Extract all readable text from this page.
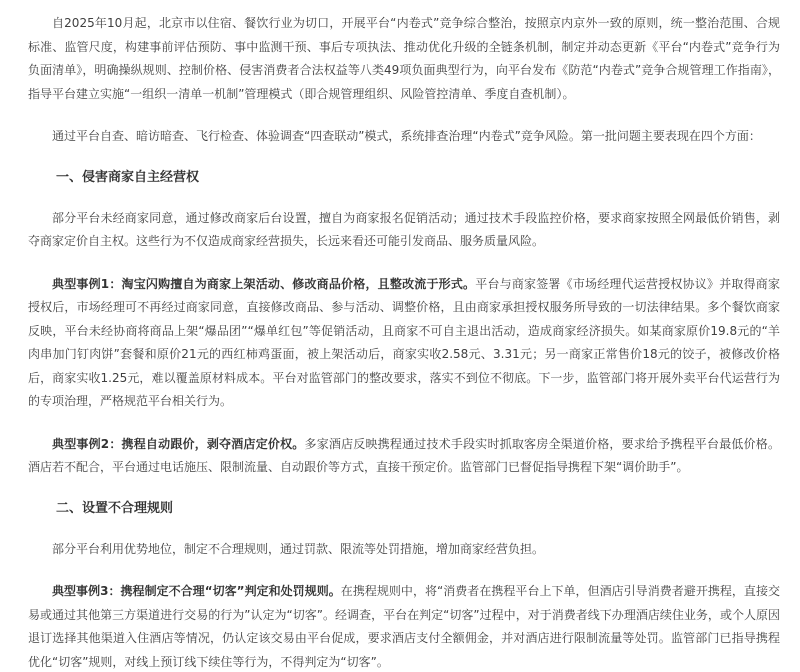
自2025年10月起，北京市以住宿、餐饮行业为切口，开展平台“内卷式”竞争综合整治，按照京内京外一致的原则，统一整治范围、合规标准、监管尺度，构建事前评估预防、事中监测干预、事后专项执法、推动优化升级的全链条机制，制定并动态更新《平台“内卷式”竞争行为负面清单》，明确操纵规则、控制价格、侵害消费者合法权益等八类49项负面典型行为，向平台发布《防范“内卷式”竞争合规管理工作指南》，指导平台建立实施“一组织一清单一机制”管理模式（即合规管理组织、风险管控清单、季度自查机制）。

通过平台自查、暗访暗查、飞行检查、体验调查“四查联动”模式，系统排查治理“内卷式”竞争风险。第一批问题主要表现在四个方面：

一、侵害商家自主经营权

部分平台未经商家同意，通过修改商家后台设置，擅自为商家报名促销活动；通过技术手段监控价格，要求商家按照全网最低价销售，剥夺商家定价自主权。这些行为不仅造成商家经营损失，长远来看还可能引发商品、服务质量风险。

典型事例1：淘宝闪购擅自为商家上架活动、修改商品价格，且整改流于形式。平台与商家签署《市场经理代运营授权协议》并取得商家授权后，市场经理可不再经过商家同意，直接修改商品、参与活动、调整价格，且由商家承担授权服务所导致的一切法律结果。多个餐饮商家反映，平台未经协商将商品上架“爆品团”“爆单红包”等促销活动，且商家不可自主退出活动，造成商家经济损失。如某商家原价19.8元的“羊肉串加门钉肉饼”套餐和原价21元的西红柿鸡蛋面，被上架活动后，商家实收2.58元、3.31元；另一商家正常售价18元的饺子，被修改价格后，商家实收1.25元，难以覆盖原材料成本。平台对监管部门的整改要求，落实不到位不彻底。下一步，监管部门将开展外卖平台代运营行为的专项治理，严格规范平台相关行为。

典型事例2：携程自动跟价，剥夺酒店定价权。多家酒店反映携程通过技术手段实时抓取客房全渠道价格，要求给予携程平台最低价格。酒店若不配合，平台通过电话施压、限制流量、自动跟价等方式，直接干预定价。监管部门已督促指导携程下架“调价助手”。

二、设置不合理规则

部分平台利用优势地位，制定不合理规则，通过罚款、限流等处罚措施，增加商家经营负担。

典型事例3：携程制定不合理“切客”判定和处罚规则。在携程规则中，将“消费者在携程平台上下单，但酒店引导消费者避开携程，直接交易或通过其他第三方渠道进行交易的行为”认定为“切客”。经调查，平台在判定“切客”过程中，对于消费者线下办理酒店续住业务，或个人原因退订选择其他渠道入住酒店等情况，仍认定该交易由平台促成，要求酒店支付全额佣金，并对酒店进行限制流量等处罚。监管部门已指导携程优化“切客”规则，对线上预订线下续住等行为，不得判定为“切客”。
